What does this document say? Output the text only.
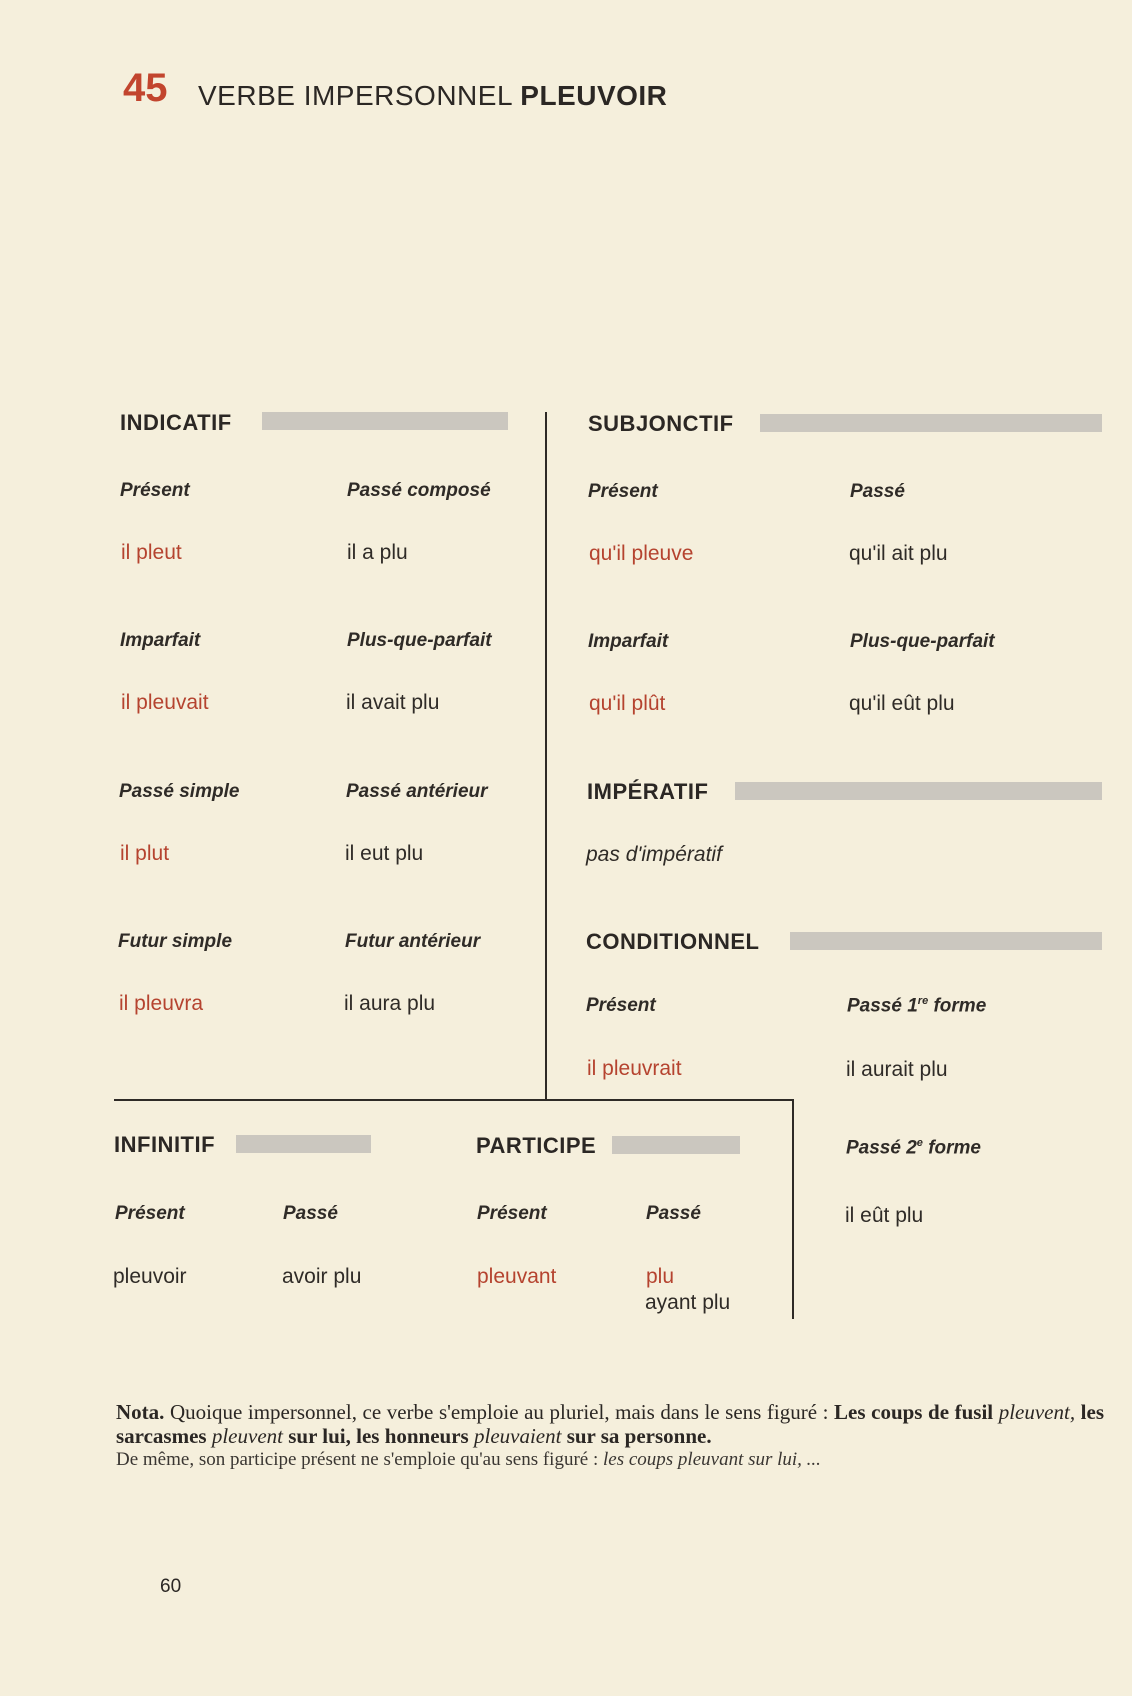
45 VERBE IMPERSONNEL PLEUVOIR
INDICATIF
Présent
il pleut
Passé composé
il a plu
Imparfait
il pleuvait
Plus-que-parfait
il avait plu
Passé simple
il plut
Passé antérieur
il eut plu
Futur simple
il pleuvra
Futur antérieur
il aura plu
SUBJONCTIF
Présent
qu'il pleuve
Passé
qu'il ait plu
Imparfait
qu'il plût
Plus-que-parfait
qu'il eût plu
IMPÉRATIF
pas d'impératif
CONDITIONNEL
Présent
il pleuvrait
Passé 1re forme
il aurait plu
Passé 2e forme
il eût plu
INFINITIF
Présent
pleuvoir
Passé
avoir plu
PARTICIPE
Présent
pleuvant
Passé
plu
ayant plu
Nota. Quoique impersonnel, ce verbe s'emploie au pluriel, mais dans le sens figuré : Les coups de fusil pleuvent, les sarcasmes pleuvent sur lui, les honneurs pleuvaient sur sa personne.
De même, son participe présent ne s'emploie qu'au sens figuré : les coups pleuvant sur lui, ...
60
